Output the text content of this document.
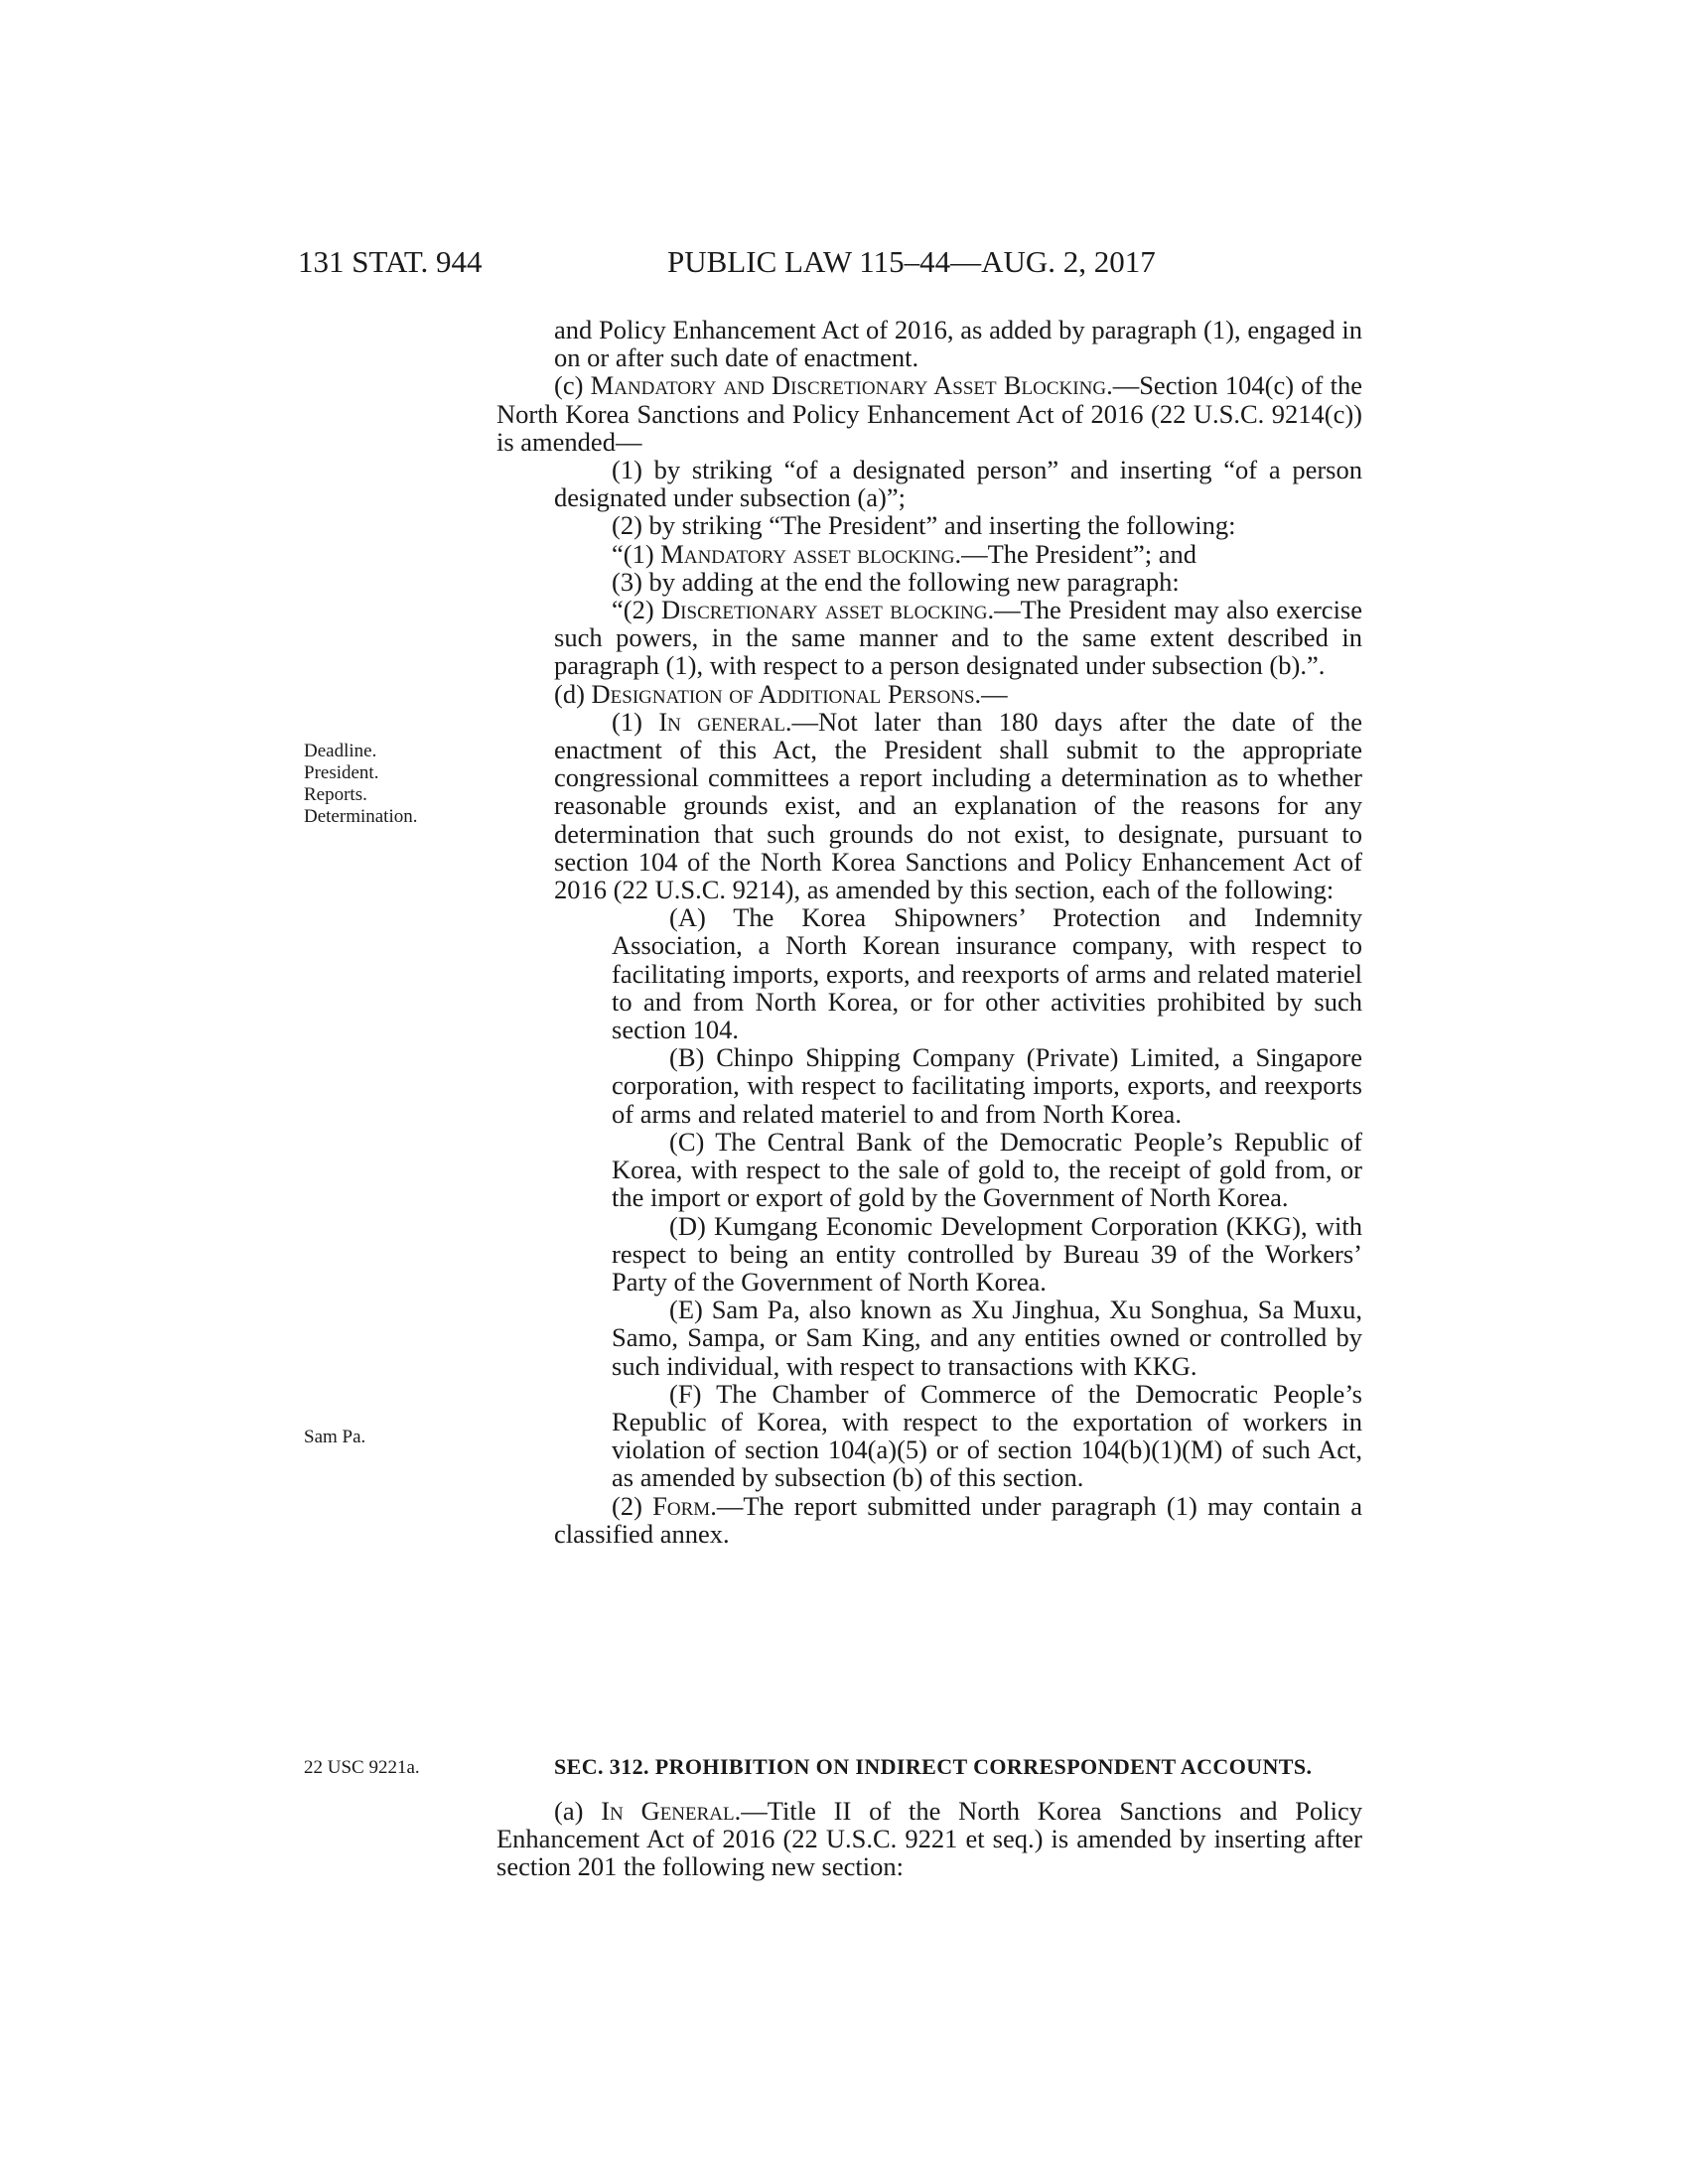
131 STAT. 944	PUBLIC LAW 115–44—AUG. 2, 2017
Deadline.
President.
Reports.
Determination.
Sam Pa.
22 USC 9221a.

and Policy Enhancement Act of 2016, as added by paragraph (1), engaged in on or after such date of enactment.

(c) Mandatory and Discretionary Asset Blocking.—Section 104(c) of the North Korea Sanctions and Policy Enhancement Act of 2016 (22 U.S.C. 9214(c)) is amended—

(1) by striking “of a designated person” and inserting “of a person designated under subsection (a)”;

(2) by striking “The President” and inserting the following:

“(1) Mandatory asset blocking.—The President”; and

(3) by adding at the end the following new paragraph:

“(2) Discretionary asset blocking.—The President may also exercise such powers, in the same manner and to the same extent described in paragraph (1), with respect to a person designated under subsection (b).”.

(d) Designation of Additional Persons.—

(1) In general.—Not later than 180 days after the date of the enactment of this Act, the President shall submit to the appropriate congressional committees a report including a determination as to whether reasonable grounds exist, and an explanation of the reasons for any determination that such grounds do not exist, to designate, pursuant to section 104 of the North Korea Sanctions and Policy Enhancement Act of 2016 (22 U.S.C. 9214), as amended by this section, each of the following:

(A) The Korea Shipowners’ Protection and Indemnity Association, a North Korean insurance company, with respect to facilitating imports, exports, and reexports of arms and related materiel to and from North Korea, or for other activities prohibited by such section 104.

(B) Chinpo Shipping Company (Private) Limited, a Singapore corporation, with respect to facilitating imports, exports, and reexports of arms and related materiel to and from North Korea.

(C) The Central Bank of the Democratic People’s Republic of Korea, with respect to the sale of gold to, the receipt of gold from, or the import or export of gold by the Government of North Korea.

(D) Kumgang Economic Development Corporation (KKG), with respect to being an entity controlled by Bureau 39 of the Workers’ Party of the Government of North Korea.

(E) Sam Pa, also known as Xu Jinghua, Xu Songhua, Sa Muxu, Samo, Sampa, or Sam King, and any entities owned or controlled by such individual, with respect to transactions with KKG.

(F) The Chamber of Commerce of the Democratic People’s Republic of Korea, with respect to the exportation of workers in violation of section 104(a)(5) or of section 104(b)(1)(M) of such Act, as amended by subsection (b) of this section.

(2) Form.—The report submitted under paragraph (1) may contain a classified annex.

SEC. 312. PROHIBITION ON INDIRECT CORRESPONDENT ACCOUNTS.

(a) In General.—Title II of the North Korea Sanctions and Policy Enhancement Act of 2016 (22 U.S.C. 9221 et seq.) is amended by inserting after section 201 the following new section:
